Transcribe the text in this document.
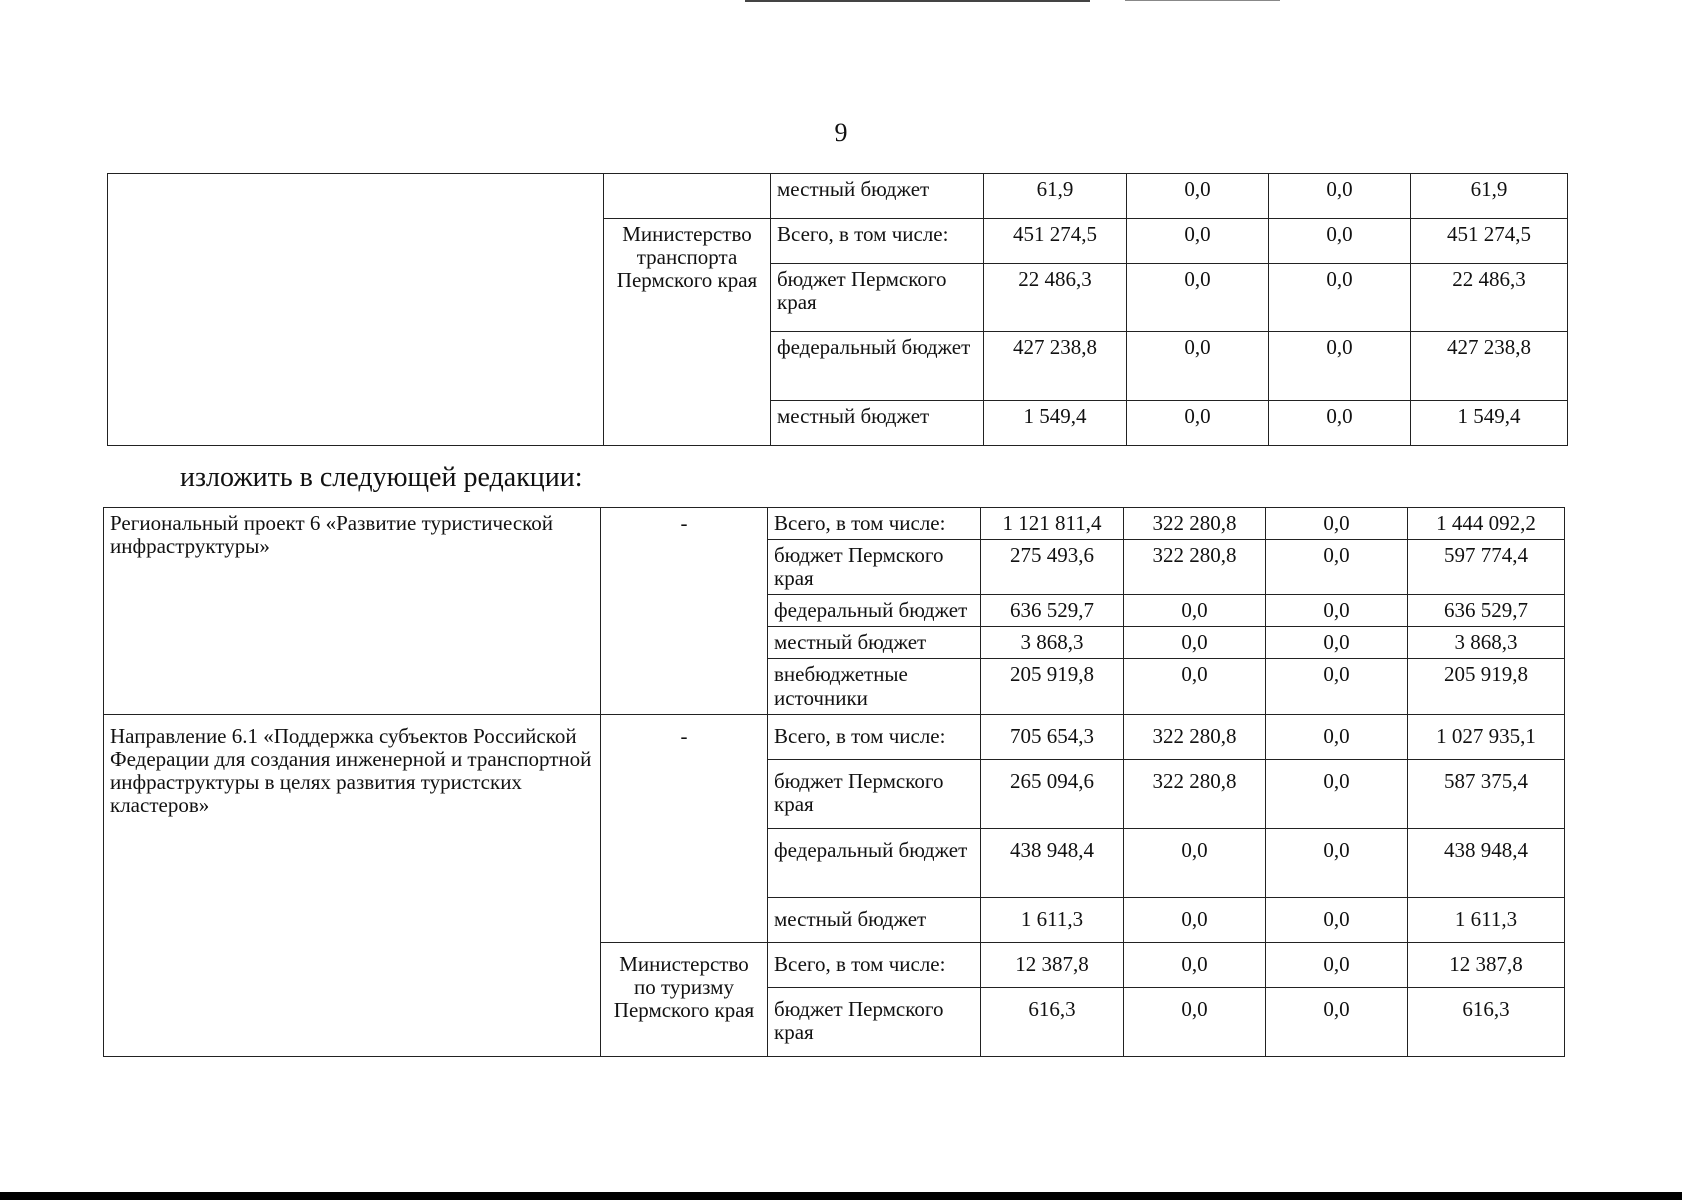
9
		местный бюджет	61,9	0,0	0,0	61,9
	Министерство транспорта Пермского края	Всего, в том числе:	451 274,5	0,0	0,0	451 274,5
		бюджет Пермского края	22 486,3	0,0	0,0	22 486,3
		федеральный бюджет	427 238,8	0,0	0,0	427 238,8
		местный бюджет	1 549,4	0,0	0,0	1 549,4
изложить в следующей редакции:
Региональный проект 6 «Развитие туристической инфраструктуры»	-	Всего, в том числе:	1 121 811,4	322 280,8	0,0	1 444 092,2
		бюджет Пермского края	275 493,6	322 280,8	0,0	597 774,4
		федеральный бюджет	636 529,7	0,0	0,0	636 529,7
		местный бюджет	3 868,3	0,0	0,0	3 868,3
		внебюджетные источники	205 919,8	0,0	0,0	205 919,8
Направление 6.1 «Поддержка субъектов Российской Федерации для создания инженерной и транспортной инфраструктуры в целях развития туристских кластеров»	-	Всего, в том числе:	705 654,3	322 280,8	0,0	1 027 935,1
		бюджет Пермского края	265 094,6	322 280,8	0,0	587 375,4
		федеральный бюджет	438 948,4	0,0	0,0	438 948,4
		местный бюджет	1 611,3	0,0	0,0	1 611,3
	Министерство по туризму Пермского края	Всего, в том числе:	12 387,8	0,0	0,0	12 387,8
		бюджет Пермского края	616,3	0,0	0,0	616,3
